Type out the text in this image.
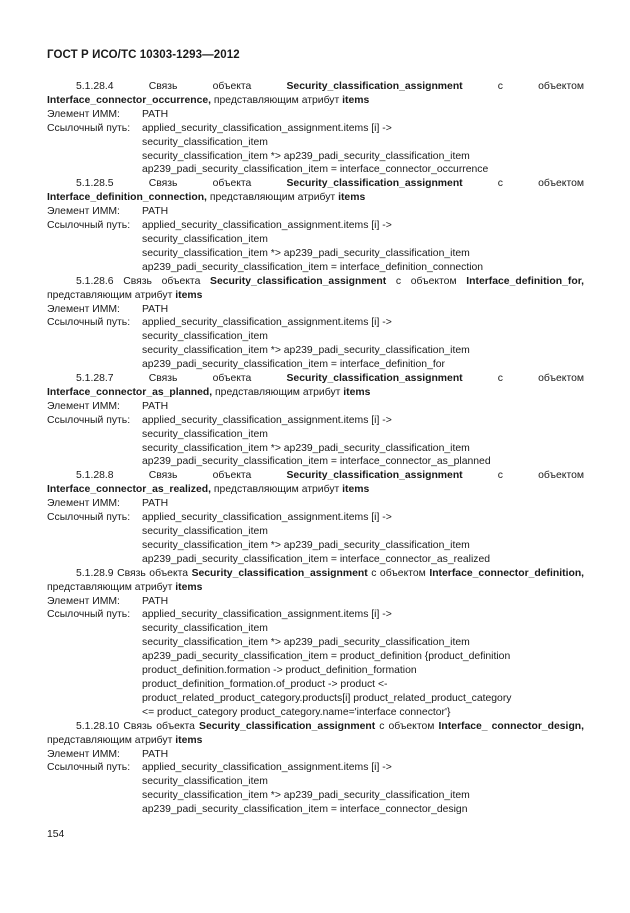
ГОСТ Р ИСО/ТС 10303-1293—2012
5.1.28.4	Связь объекта	Security_classification_assignment	с объектом Interface_connector_occurrence, представляющим атрибут items
Элемент ИММ:	PATH
Ссылочный путь:	applied_security_classification_assignment.items [i] ->
security_classification_item
security_classification_item *> ap239_padi_security_classification_item
ap239_padi_security_classification_item = interface_connector_occurrence
5.1.28.5	Связь объекта	Security_classification_assignment	с объектом Interface_definition_connection, представляющим атрибут items
Элемент ИММ:	PATH
Ссылочный путь:	applied_security_classification_assignment.items [i] ->
security_classification_item
security_classification_item *> ap239_padi_security_classification_item
ap239_padi_security_classification_item = interface_definition_connection
5.1.28.6 Связь объекта Security_classification_assignment с объектом Interface_definition_for, представляющим атрибут items
Элемент ИММ:	PATH
Ссылочный путь:	applied_security_classification_assignment.items [i] ->
security_classification_item
security_classification_item *> ap239_padi_security_classification_item
ap239_padi_security_classification_item = interface_definition_for
5.1.28.7	Связь объекта	Security_classification_assignment	с объектом Interface_connector_as_planned, представляющим атрибут items
Элемент ИММ:	PATH
Ссылочный путь:	applied_security_classification_assignment.items [i] ->
security_classification_item
security_classification_item *> ap239_padi_security_classification_item
ap239_padi_security_classification_item = interface_connector_as_planned
5.1.28.8	Связь объекта	Security_classification_assignment	с объектом Interface_connector_as_realized, представляющим атрибут items
Элемент ИММ:	PATH
Ссылочный путь:	applied_security_classification_assignment.items [i] ->
security_classification_item
security_classification_item *> ap239_padi_security_classification_item
ap239_padi_security_classification_item = interface_connector_as_realized
5.1.28.9 Связь объекта Security_classification_assignment с объектом Interface_connector_definition, представляющим атрибут items
Элемент ИММ:	PATH
Ссылочный путь:	applied_security_classification_assignment.items [i] ->
security_classification_item
security_classification_item *> ap239_padi_security_classification_item
ap239_padi_security_classification_item = product_definition {product_definition
product_definition.formation -> product_definition_formation
product_definition_formation.of_product -> product <-
product_related_product_category.products[i] product_related_product_category
<= product_category product_category.name='interface connector'}
5.1.28.10 Связь объекта Security_classification_assignment с объектом Interface_ connector_design, представляющим атрибут items
Элемент ИММ:	PATH
Ссылочный путь:	applied_security_classification_assignment.items [i] ->
security_classification_item
security_classification_item *> ap239_padi_security_classification_item
ap239_padi_security_classification_item = interface_connector_design
154
